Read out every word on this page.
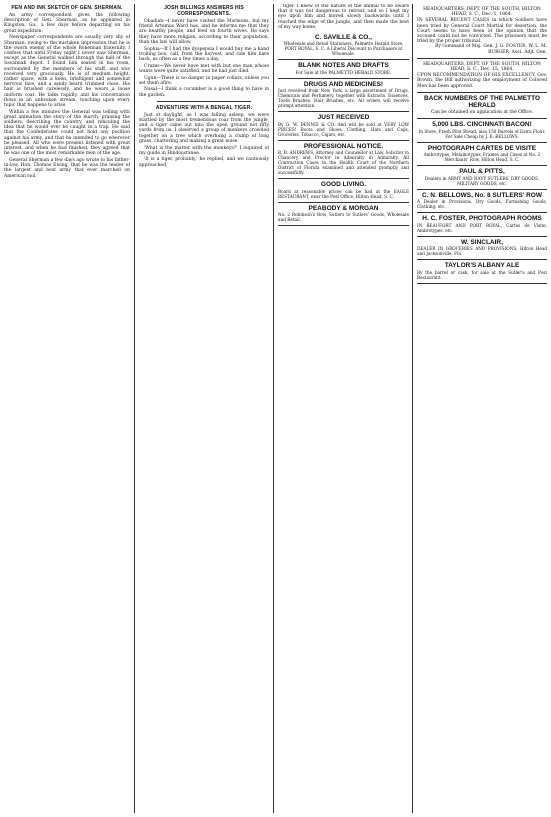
PEN AND INK SKETCH OF GEN. SHERMAN.

An army correspondent gives the following description of Gen. Sherman, as he appeared in Kingston, Ga., a few days before departing on his great expedition:

Newspaper correspondents are usually very shy of Sherman, owing to the mistaken impression that he is the sworn enemy of the whole Bohemian fraternity. I confess that until Friday night I never saw Sherman, except as the General walked through the hall of the Savannah depot. I found him seated in his room, surrounded by the members of his staff, and was received very graciously. He is of medium height, rather spare, with a keen, intelligent and somewhat nervous face, and a sandy beard trimmed close. His hair is brushed carelessly, and he wears a loose uniform coat. He talks rapidly, and his conversation flows in an unbroken stream, touching upon every topic that happens to arise.

Within a few minutes the General was telling with great animation the story of the march, praising the soldiers, describing the country, and ridiculing the idea that he would ever be caught in a trap. He said that the Confederates could not hold any position against his army, and that he intended to go wherever he pleased. All who were present listened with great interest, and when he had finished, they agreed that he was one of the most remarkable men of the age.

General Sherman a few days ago wrote to his father-in-law, Hon. Thomas Ewing, that he was the leader of the largest and best army that ever marched on American soil.

JOSH BILLINGS ANSWERS HIS CORRESPONDENTS.

Obadiah—I never have visited the Mormons, but my friend Artemus Ward has, and he informs me that they are healthy people, and feed on fourth wives. He says they have more religion, according to their population, than the law will allow.

Sophia—If I had the dyspepsia I would buy me a hand trolling box, calf, from the harvest, and ride him bare back, as often as a few times a day.

Crazes—We never have met with but one man whose wants were quite satisfied, and he had just died.

Ugun—There is no danger in paper collars, unless you set them afire.

Nasal—I think a cucumber is a good thing to have in the garden.

ADVENTURE WITH A BENGAL TIGER.

Just at daylight, as I was falling asleep, we were startled by the most tremendous roar from the jungle, and a tiger came out into the open ground not fifty yards from us. I observed a group of monkeys crowded together on a tree which overhung a clump of long grass, chattering and making a great noise.

'What is the matter with the monkeys?' I inquired of my guide in Hindoostanee.

'It is a tiger, probably,' he replied, and we cautiously approached.

tiger. I knew of the nature of the animal to be aware that it was not dangerous to retreat, and so I kept my eye upon him and moved slowly backwards until I reached the edge of the jungle, and then made the best of my way home.

C. SAVILLE & CO.,
Wholesale and Retail Stationers, Palmetto Herald Store, PORT ROYAL, S. C. A Liberal Discount to Purchasers at Wholesale.
BLANK NOTES AND DRAFTS
For Sale at the PALMETTO HERALD STORE.
DRUGS AND MEDICINES!
Just received from New York, a large assortment of Drugs, Chemicals and Perfumery, together with Extracts, Essences, Tooth Brushes, Hair Brushes, etc. All orders will receive prompt attention.
JUST RECEIVED
By G. W. DENNIS & CO. And will be sold at VERY LOW PRICES! Boots and Shoes, Clothing, Hats and Caps, Groceries, Tobacco, Cigars, etc.
PROFESSIONAL NOTICE.
R. B. ANDREWS, Attorney and Counsellor at Law, Solicitor in Chancery and Proctor in Admiralty in Admiralty. All Contraction Cases in the Health Court of the Northern District of Florida examined and attended promptly and successfully.
GOOD LIVING.
Board at reasonable prices can be had at the EAGLE RESTAURANT, near the Post Office, Hilton Head, S. C.
PEABODY & MORGAN
No. 2 Robinson's Row, Sutlers to Sutlers' Goods, Wholesale and Retail.
HEADQUARTERS, DEPT. OF THE SOUTH, HILTON HEAD, S. C., Dec. 1, 1864.
IN SEVERAL RECENT CASES in which Soldiers have been tried by General Court Martial for desertion, the Court seems to have been of the opinion that the accused could not be convicted. The prisoners must be tried by the proper tribunal.
By command of Maj. Gen. J. G. FOSTER, W. L. M. BURGER, Asst. Adjt. Gen.
HEADQUARTERS, DEPT. OF THE SOUTH, HILTON HEAD, S. C., Dec. 15, 1864.
UPON RECOMMENDATION OF HIS EXCELLENCY, Gov. Brown, the Bill authorizing the employment of Colored Men has been approved.
BACK NUMBERS OF THE PALMETTO HERALD
Can be obtained on application at the Office.
5,000 LBS. CINCINNATI BACON!
In Store, Fresh Pilot Bread; also 150 Barrels of Extra Flour, For Sale Cheap by J. K. BELLOWS.
PHOTOGRAPH CARTES DE VISITE
Ambrotypes, Melainotypes, Frames and Cases at No. 2 Merchants' Row, Hilton Head, S. C.
PAUL & PITTS,
Dealers in ARMY AND NAVY SUTLERS' DRY GOODS, MILITARY GOODS, etc.
C. N. BELLOWS, No. 8 SUTLERS' ROW
A Dealer in Provisions, Dry Goods, Furnishing Goods, Clothing, etc.
H. C. FOSTER, PHOTOGRAPH ROOMS
IN BEAUFORT AND PORT ROYAL, Cartes de Visite, Ambrotypes, etc.
W. SINCLAIR,
DEALER IN GROCERIES AND PROVISIONS, Hilton Head and Jacksonville, Fla.
TAYLOR'S ALBANY ALE
By the barrel or cask, for sale at the Sutler's and Post Restaurant.
